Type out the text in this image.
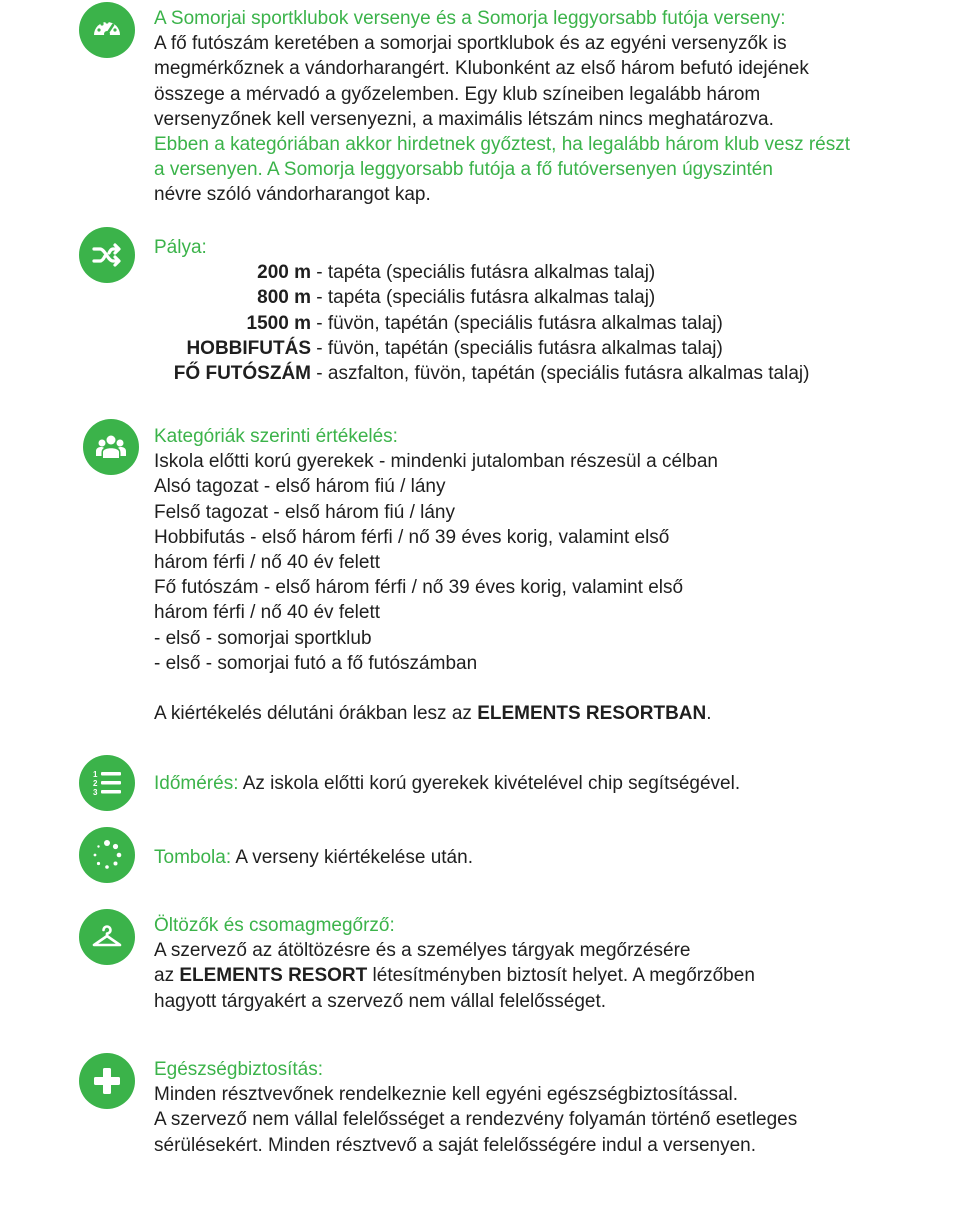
A Somorjai sportklubok versenye és a Somorja leggyorsabb futója verseny:
A fő futószám keretében a somorjai sportklubok és az egyéni versenyzők is
megmérkőznek a vándorharangért. Klubonként az első három befutó idejének
összege a mérvadó a győzelemben. Egy klub színeiben legalább három
versenyzőnek kell versenyezni, a maximális létszám nincs meghatározva.
Ebben a kategóriában akkor hirdetnek győztest, ha legalább három klub vesz részt
a versenyen. A Somorja leggyorsabb futója a fő futóversenyen úgyszintén
névre szóló vándorharangot kap.
Pálya:
200 m - tapéta (speciális futásra alkalmas talaj)
800 m - tapéta (speciális futásra alkalmas talaj)
1500 m - füvön, tapétán (speciális futásra alkalmas talaj)
HOBBIFUTÁS - füvön, tapétán (speciális futásra alkalmas talaj)
FŐ FUTÓSZÁM - aszfalton, füvön, tapétán (speciális futásra alkalmas talaj)
Kategóriák szerinti értékelés:
Iskola előtti korú gyerekek - mindenki jutalomban részesül a célban
Alsó tagozat - első három fiú / lány
Felső tagozat - első három fiú / lány
Hobbifutás - első három férfi / nő 39 éves korig, valamint első
három férfi / nő 40 év felett
Fő futószám - első három férfi / nő 39 éves korig, valamint első
három férfi / nő 40 év felett
- első - somorjai sportklub
- első - somorjai futó a fő futószámban
A kiértékelés délutáni órákban lesz az ELEMENTS RESORTBAN.
1
2
3	Időmérés: Az iskola előtti korú gyerekek kivételével chip segítségével.
Tombola: A verseny kiértékelése után.
Öltözők és csomagmegőrző:
A szervező az átöltözésre és a személyes tárgyak megőrzésére
az ELEMENTS RESORT létesítményben biztosít helyet. A megőrzőben
hagyott tárgyakért a szervező nem vállal felelősséget.
Egészségbiztosítás:
Minden résztvevőnek rendelkeznie kell egyéni egészségbiztosítással.
A szervező nem vállal felelősséget a rendezvény folyamán történő esetleges
sérülésekért. Minden résztvevő a saját felelősségére indul a versenyen.
